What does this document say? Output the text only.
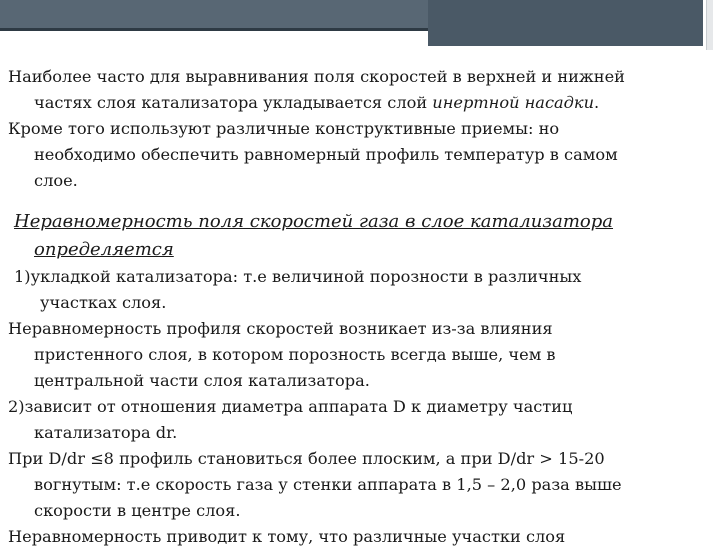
Наиболее часто для выравнивания поля скоростей в верхней и нижней
частях слоя катализатора укладывается слой инертной насадки.

Кроме того используют различные конструктивные приемы: но
необходимо обеспечить равномерный профиль температур в самом
слое.

Неравномерность поля скоростей газа в слое катализатора
определяется

1)укладкой катализатора: т.е величиной порозности в различных
участках слоя.

Неравномерность профиля скоростей возникает из-за влияния
пристенного слоя, в котором порозность всегда выше, чем в
центральной части слоя катализатора.

2)зависит от отношения диаметра аппарата D к диаметру частиц
катализатора dr.

При D/dr ≤8 профиль становиться более плоским, а при D/dr > 15-20
вогнутым: т.е скорость газа у стенки аппарата в 1,5 – 2,0 раза выше
скорости в центре слоя.

Неравномерность приводит к тому, что различные участки слоя
